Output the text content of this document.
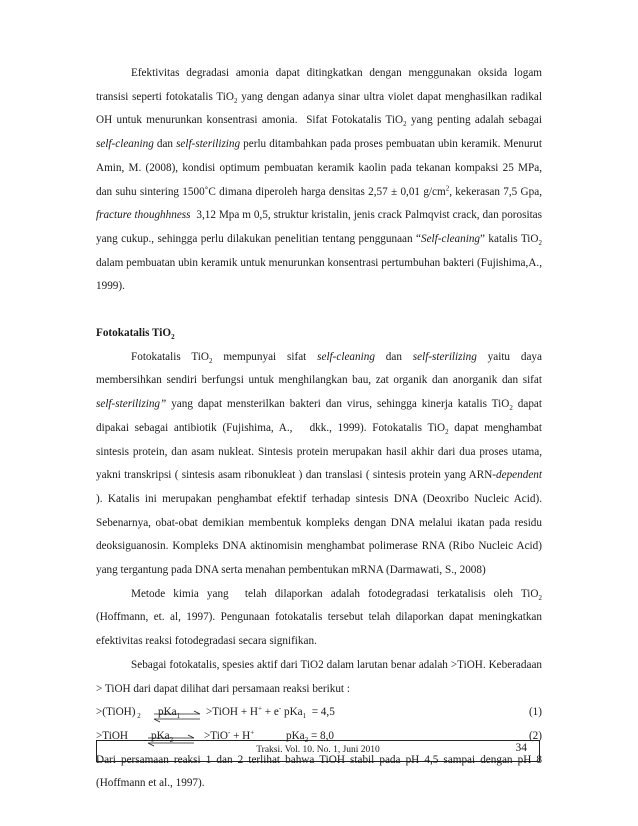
Efektivitas degradasi amonia dapat ditingkatkan dengan menggunakan oksida logam transisi seperti fotokatalis TiO$_2$ yang dengan adanya sinar ultra violet dapat menghasilkan radikal OH untuk menurunkan konsentrasi amonia.  Sifat Fotokatalis TiO$_2$ yang penting adalah sebagai self-cleaning dan self-sterilizing perlu ditambahkan pada proses pembuatan ubin keramik. Menurut Amin, M. (2008), kondisi optimum pembuatan keramik kaolin pada tekanan kompaksi 25 MPa, dan suhu sintering 1500˚C dimana diperoleh harga densitas 2,57 ± 0,01 $g/cm^2$, kekerasan 7,5 Gpa, fracture thoughhness  3,12 Mpa m 0,5, struktur kristalin, jenis crack Palmqvist crack, dan porositas yang cukup., sehingga perlu dilakukan penelitian tentang penggunaan “Self-cleaning” katalis TiO$_2$ dalam pembuatan ubin keramik untuk menurunkan konsentrasi pertumbuhan bakteri (Fujishima,A., 1999).

Fotokatalis TiO$_2$

Fotokatalis TiO$_2$ mempunyai sifat self-cleaning dan self-sterilizing yaitu daya membersihkan sendiri berfungsi untuk menghilangkan bau, zat organik dan anorganik dan sifat self-sterilizing” yang dapat mensterilkan bakteri dan virus, sehingga kinerja katalis TiO$_2$ dapat dipakai sebagai antibiotik (Fujishima, A.,   dkk., 1999). Fotokatalis TiO$_2$ dapat menghambat sintesis protein, dan asam nukleat. Sintesis protein merupakan hasil akhir dari dua proses utama, yakni transkripsi ( sintesis asam ribonukleat ) dan translasi ( sintesis protein yang ARN-dependent ). Katalis ini merupakan penghambat efektif terhadap sintesis DNA (Deoxribo Nucleic Acid). Sebenarnya, obat-obat demikian membentuk kompleks dengan DNA melalui ikatan pada residu deoksiguanosin. Kompleks DNA aktinomisin menghambat polimerase RNA (Ribo Nucleic Acid) yang tergantung pada DNA serta menahan pembentukan mRNA (Darmawati, S., 2008)

Metode kimia yang  telah dilaporkan adalah fotodegradasi terkatalisis oleh TiO$_2$ (Hoffmann, et. al, 1997). Pengunaan fotokatalis tersebut telah dilaporkan dapat meningkatkan efektivitas reaksi fotodegradasi secara signifikan.

Sebagai fotokatalis, spesies aktif dari TiO2 dalam larutan benar adalah >TiOH. Keberadaan > TiOH dari dapat dilihat dari persamaan reaksi berikut :

>(TiOH) $_2$ pKa$_1$ >TiOH + H+ + e- pKa$_1$  = 4,5	(1)
>TiOH pKa$_2$	>TiO- + H+	pKa$_2$ = 8,0	(2)

Dari persamaan reaksi 1 dan 2 terlihat bahwa TiOH stabil pada pH 4,5 sampai dengan pH 8 (Hoffmann et al., 1997).

Traksi. Vol. 10. No. 1, Juni 2010	34
